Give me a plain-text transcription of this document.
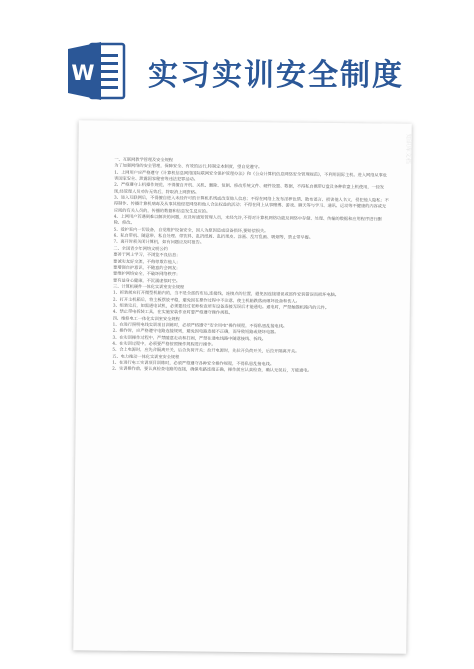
W 实习实训安全制度

一、互联网教学管理及安全规程

为了加强网络的安全管理，保障安全、有效的运行,特制定本制度，望自觉遵守。

1、上网用户应严格遵守《计算机信息网络国际联网安全保护管理办法》和《公众计算机信息网络安全管理规范》，不利用国际主机、进入网络从事危害国家安全、泄露国家秘密等违法犯罪活动。

2、严格遵守上机操作规范，不得擅自开机、关机、删除、复制、修改系统文件、硬件设置、数据，不得私自携带U盘及各种软盘上机使用，一经发现,经管理人员劝告无效后，将取消上网资格。

3、进入互联网后，不得擅自进入未经许可的计算机系统或改变他人信息；不得在网络上发布淫秽色情、散布谣言、损害他人名义，侵犯他人隐私；不得制作、传播计算机病毒及从事其他侵犯网络和他人合法权益的活动；不得在网上从事赌博、游戏、聊天等与学习、通讯、运动等不健康的内容或无应阅的有关人员的，传播的数据和信息发生反应的。

4、上网用户若遇到难以解决的问题，应及时通知管理人员，未经允许,不得对计算机网络功能及网络中存储、处理、传输的数据和应用程序进行删除、修改。

5、爱护室内一切设备，自觉维护设备安全，因人为原因造成设备损坏,要赔偿损失。

6、私自带机、随意带、私自处理、带饮料、乱扔纸屑、乱扔果皮、涂画、乱写乱画、吸烟等，禁止带早餐。

7、离开时须关闭计算机，如有问题应及时报告。

二、全国青少年网络文明公约

要善于网上学习，不浏览不良信息；

要诚实友好交流，不侮辱欺诈他人；

要增强自护意识，不随意约会网友；

要维护网络安全，不破坏网络秩序；

要有益身心健康，不沉溺虚拟时空。

三、计算机硬件一体化实训室安全规程

1、拆装前应打开微型机箱内的，当不是全部的布局,连接线，连接点的位置，避免因连接错误或部件安装错误而损坏电脑。

2、打开主机箱后，将主板摆放平稳，避免因在操作过程中不注意，使主机箱跌落而砸坏设备和伤人。

3、组装完后，如需通电试机，必须要经过老师检查所有设备连接无误后才能通电。通电时，严禁触摸机箱内的元件。

4、禁止带电拆装工具，在实施安装作业时要严格遵守操作规程。

四、维修电工一体化实训室安全规程

1、在进行照明电线实训项目训练时，必须严格遵守“安全用电”操作规程，不得私恩乱接电线。

2、操作时，应严格遵守电路连接规则，避免因电路连接不正确，而导致短路或烧坏电器。

3、在实训操作过程中，严禁随意走动和打闹，严禁在通电线路中随意接线、拆线。

4、在实训过程中，必须要严格按照操作规程进行操作。

5、合上电源时，应先合隔离开关，后合负荷开关；拉开电源时，先拉开负荷开关，后拉开隔离开关。

五、电力拖动一体化实训室安全规程

1、在进行电工实训项目训练时，必须严格遵守各种安全操作规程，不得私恩乱接电线。

2、实训操作前，要认真检查电路的连接，确保电路连接正确，操作前应认真检查，确认无误后，方能通电。

知识库文档
